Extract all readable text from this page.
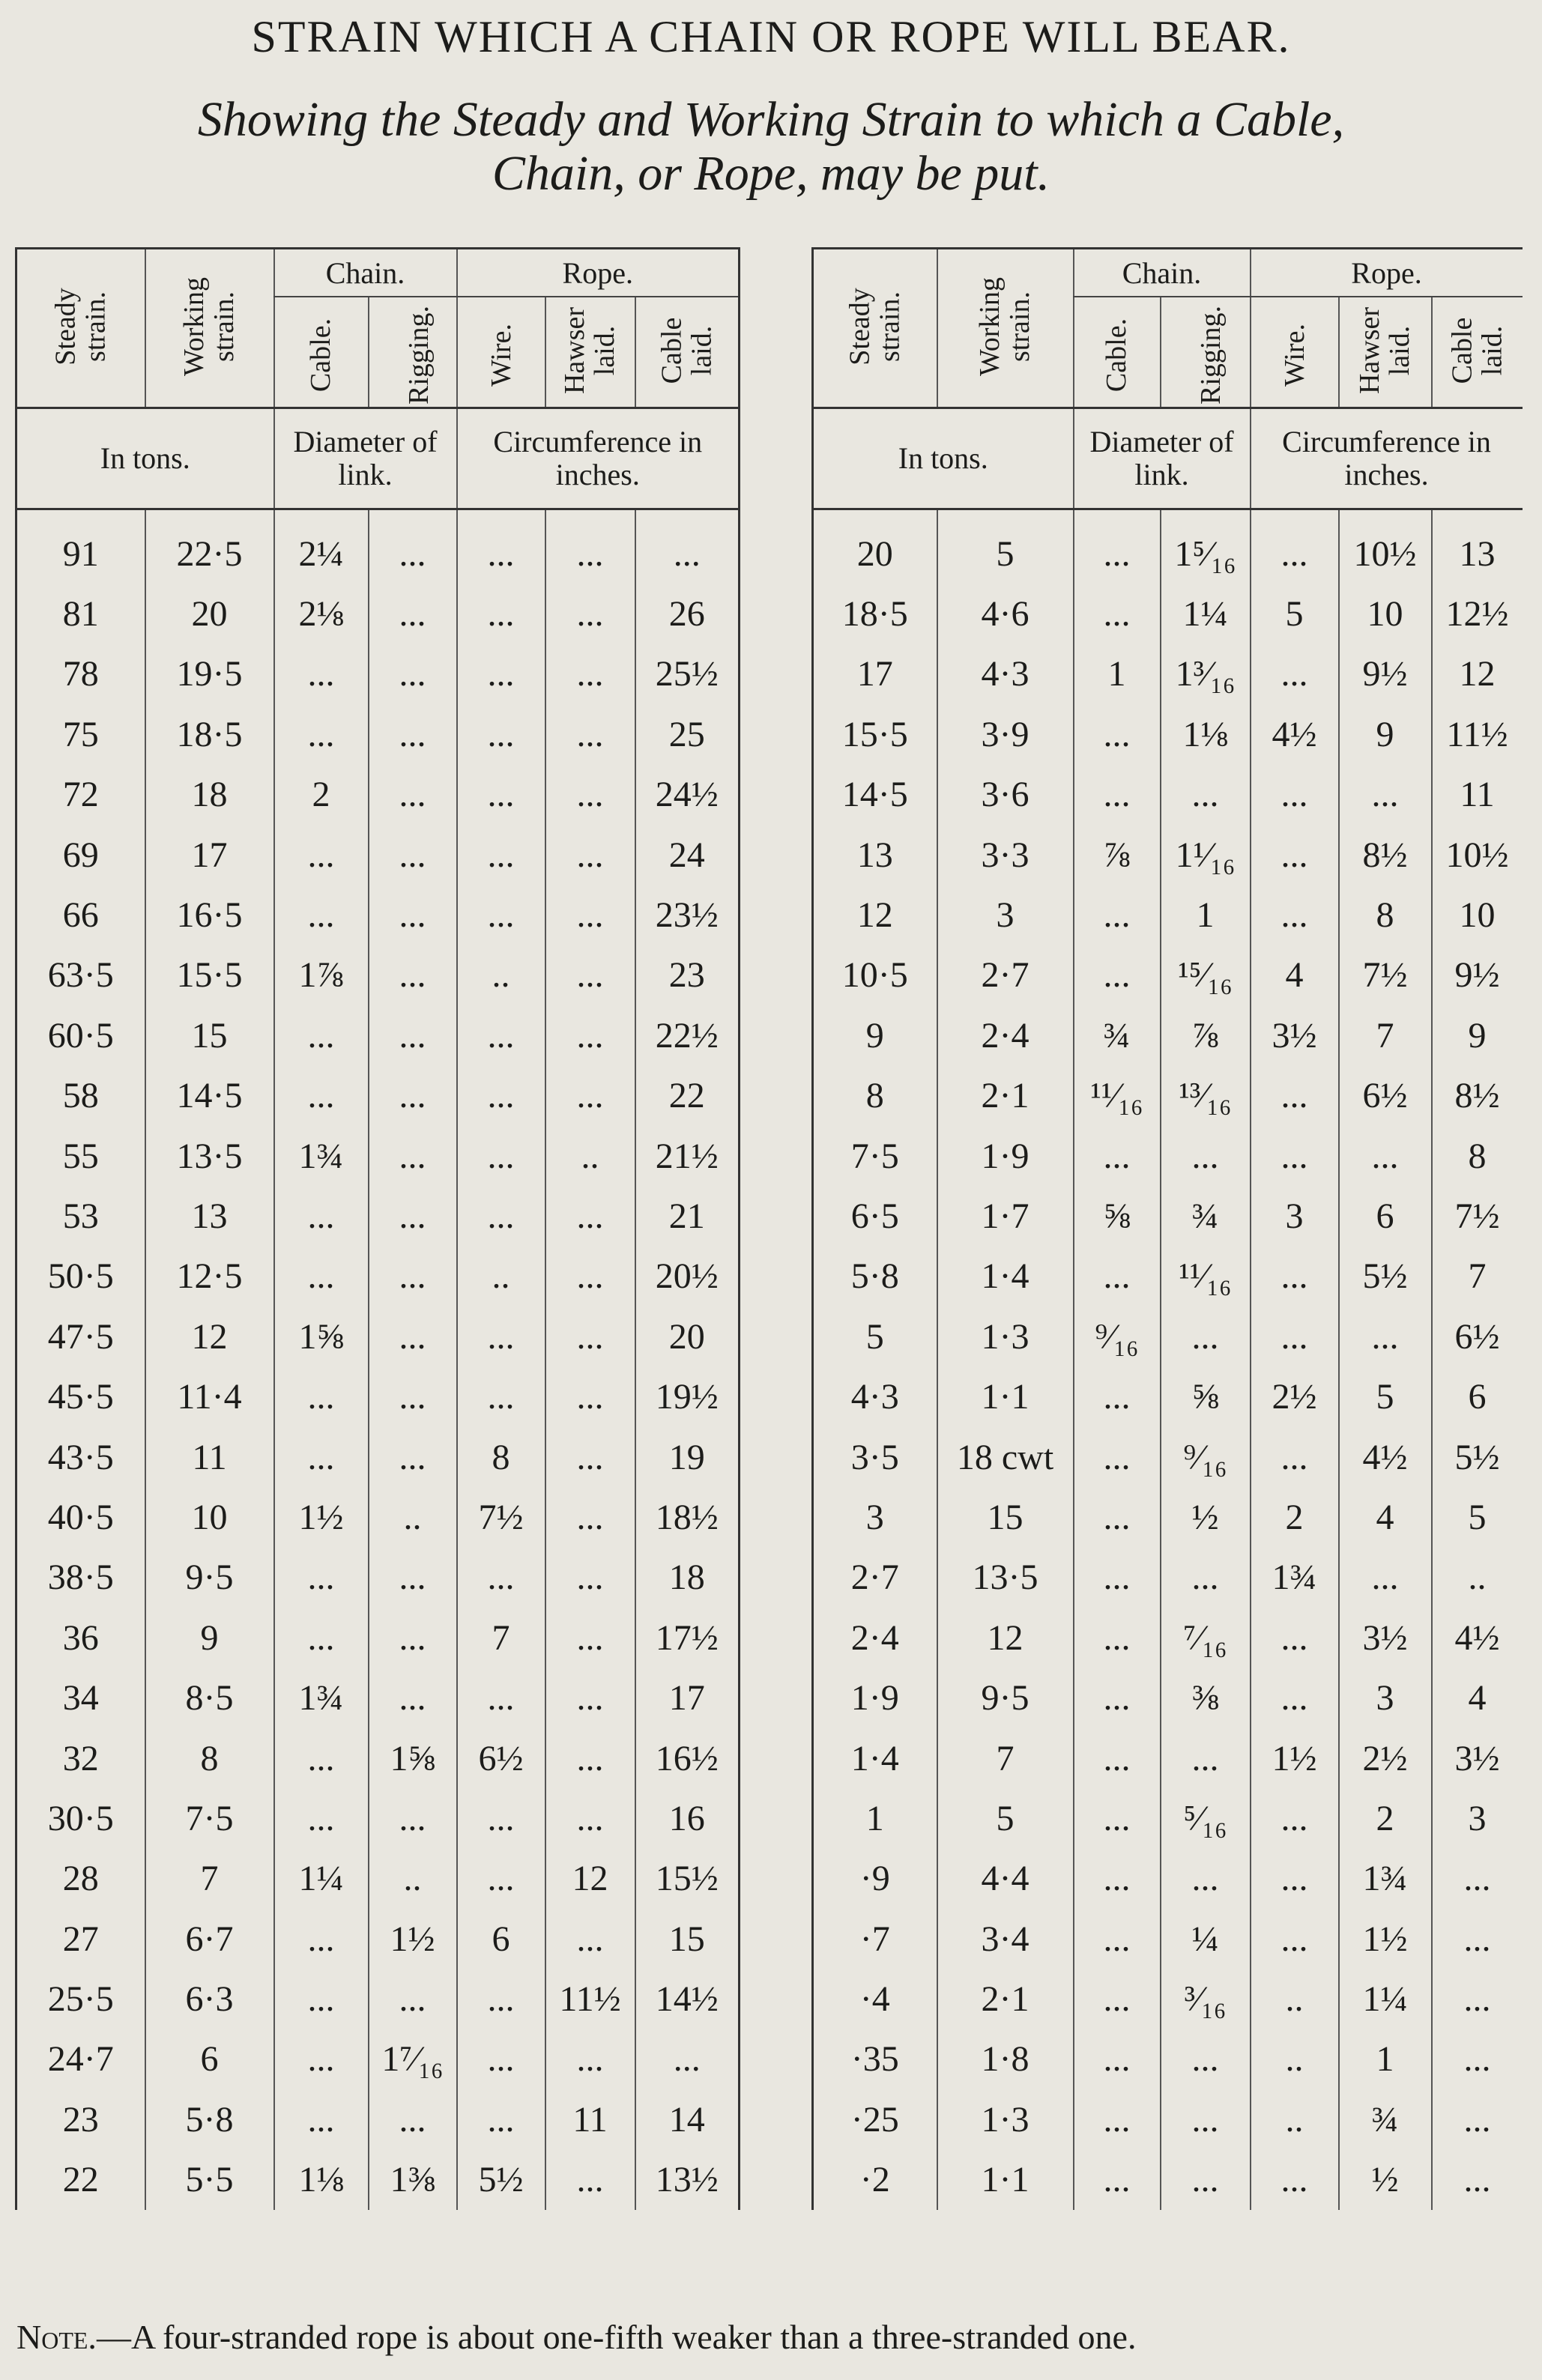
STRAIN WHICH A CHAIN OR ROPE WILL BEAR.
Showing the Steady and Working Strain to which a Cable,
Chain, or Rope, may be put.
Steady
strain.	Working
strain.	Chain.		Rope.		
		Cable.	Rigging.	Wire.	Hawser
laid.	Cable
laid.
In tons.		Diameter of link.		Circumference in inches.		

91	22·5	2¼	...	...	...	...
81	20	2⅛	...	...	...	26
78	19·5	...	...	...	...	25½
75	18·5	...	...	...	...	25
72	18	2	...	...	...	24½
69	17	...	...	...	...	24
66	16·5	...	...	...	...	23½
63·5	15·5	1⅞	...	..	...	23
60·5	15	...	...	...	...	22½
58	14·5	...	...	...	...	22
55	13·5	1¾	...	...	..	21½
53	13	...	...	...	...	21
50·5	12·5	...	...	..	...	20½
47·5	12	1⅝	...	...	...	20
45·5	11·4	...	...	...	...	19½
43·5	11	...	...	8	...	19
40·5	10	1½	..	7½	...	18½
38·5	9·5	...	...	...	...	18
36	9	...	...	7	...	17½
34	8·5	1¾	...	...	...	17
32	8	...	1⅝	6½	...	16½
30·5	7·5	...	...	...	...	16
28	7	1¼	..	...	12	15½
27	6·7	...	1½	6	...	15
25·5	6·3	...	...	...	11½	14½
24·7	6	...	1⁷⁄₁₆	...	...	...
23	5·8	...	...	...	11	14
22	5·5	1⅛	1⅜	5½	...	13½
Steady
strain.	Working
strain.	Chain.		Rope.		
		Cable.	Rigging.	Wire.	Hawser
laid.	Cable
laid.
In tons.		Diameter of link.		Circumference in inches.		

20	5	...	1⁵⁄₁₆	...	10½	13
18·5	4·6	...	1¼	5	10	12½
17	4·3	1	1³⁄₁₆	...	9½	12
15·5	3·9	...	1⅛	4½	9	11½
14·5	3·6	...	...	...	...	11
13	3·3	⅞	1¹⁄₁₆	...	8½	10½
12	3	...	1	...	8	10
10·5	2·7	...	¹⁵⁄₁₆	4	7½	9½
9	2·4	¾	⅞	3½	7	9
8	2·1	¹¹⁄₁₆	¹³⁄₁₆	...	6½	8½
7·5	1·9	...	...	...	...	8
6·5	1·7	⅝	¾	3	6	7½
5·8	1·4	...	¹¹⁄₁₆	...	5½	7
5	1·3	⁹⁄₁₆	...	...	...	6½
4·3	1·1	...	⅝	2½	5	6
3·5	18 cwt	...	⁹⁄₁₆	...	4½	5½
3	15	...	½	2	4	5
2·7	13·5	...	...	1¾	...	..
2·4	12	...	⁷⁄₁₆	...	3½	4½
1·9	9·5	...	⅜	...	3	4
1·4	7	...	...	1½	2½	3½
1	5	...	⁵⁄₁₆	...	2	3
·9	4·4	...	...	...	1¾	...
·7	3·4	...	¼	...	1½	...
·4	2·1	...	³⁄₁₆	..	1¼	...
·35	1·8	...	...	..	1	...
·25	1·3	...	...	..	¾	...
·2	1·1	...	...	...	½	...
Note.—A four-stranded rope is about one-fifth weaker than a three-stranded one.
